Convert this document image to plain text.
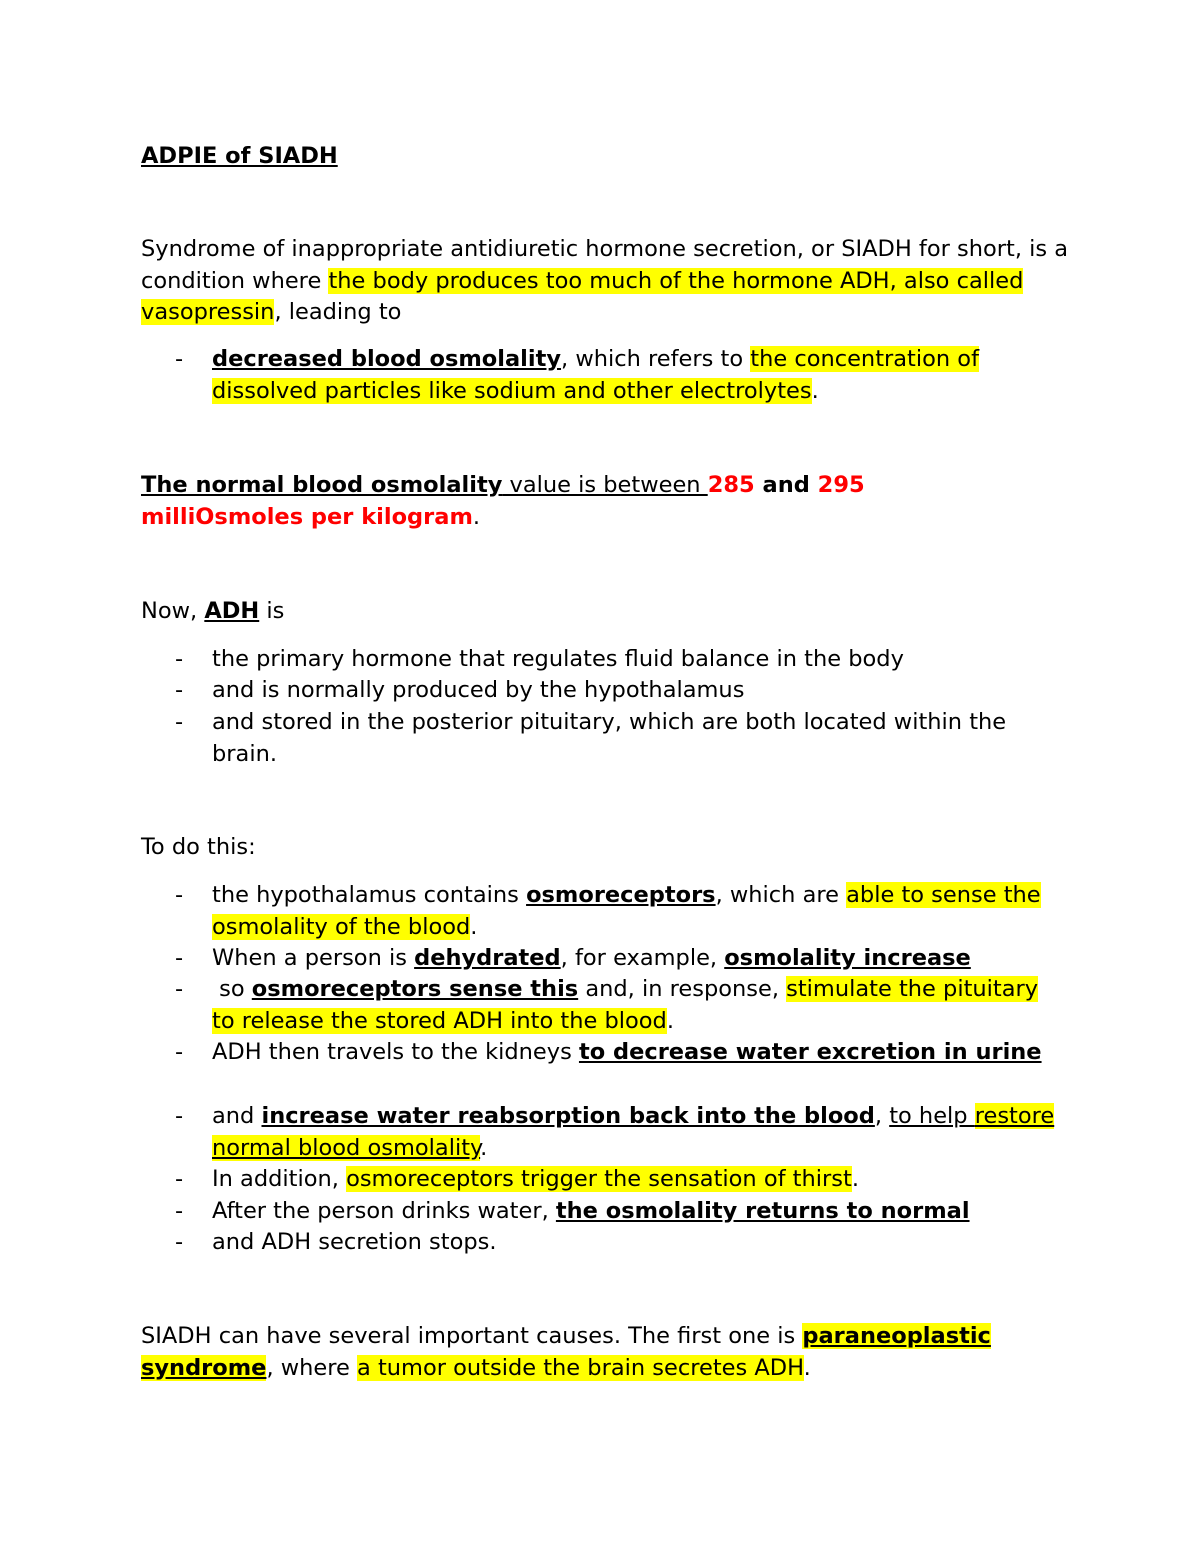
ADPIE of SIADH
Syndrome of inappropriate antidiuretic hormone secretion, or SIADH for short, is a condition where the body produces too much of the hormone ADH, also called vasopressin, leading to
- decreased blood osmolality, which refers to the concentration of dissolved particles like sodium and other electrolytes.
The normal blood osmolality value is between 285 and 295
milliOsmoles per kilogram.
Now, ADH is
- the primary hormone that regulates fluid balance in the body
- and is normally produced by the hypothalamus
- and stored in the posterior pituitary, which are both located within the brain.
To do this:
- the hypothalamus contains osmoreceptors, which are able to sense the osmolality of the blood.
- When a person is dehydrated, for example, osmolality increase
- so osmoreceptors sense this and, in response, stimulate the pituitary to release the stored ADH into the blood.
- ADH then travels to the kidneys to decrease water excretion in urine
- and increase water reabsorption back into the blood, to help restore normal blood osmolality.
- In addition, osmoreceptors trigger the sensation of thirst.
- After the person drinks water, the osmolality returns to normal
- and ADH secretion stops.
SIADH can have several important causes. The first one is paraneoplastic syndrome, where a tumor outside the brain secretes ADH.
